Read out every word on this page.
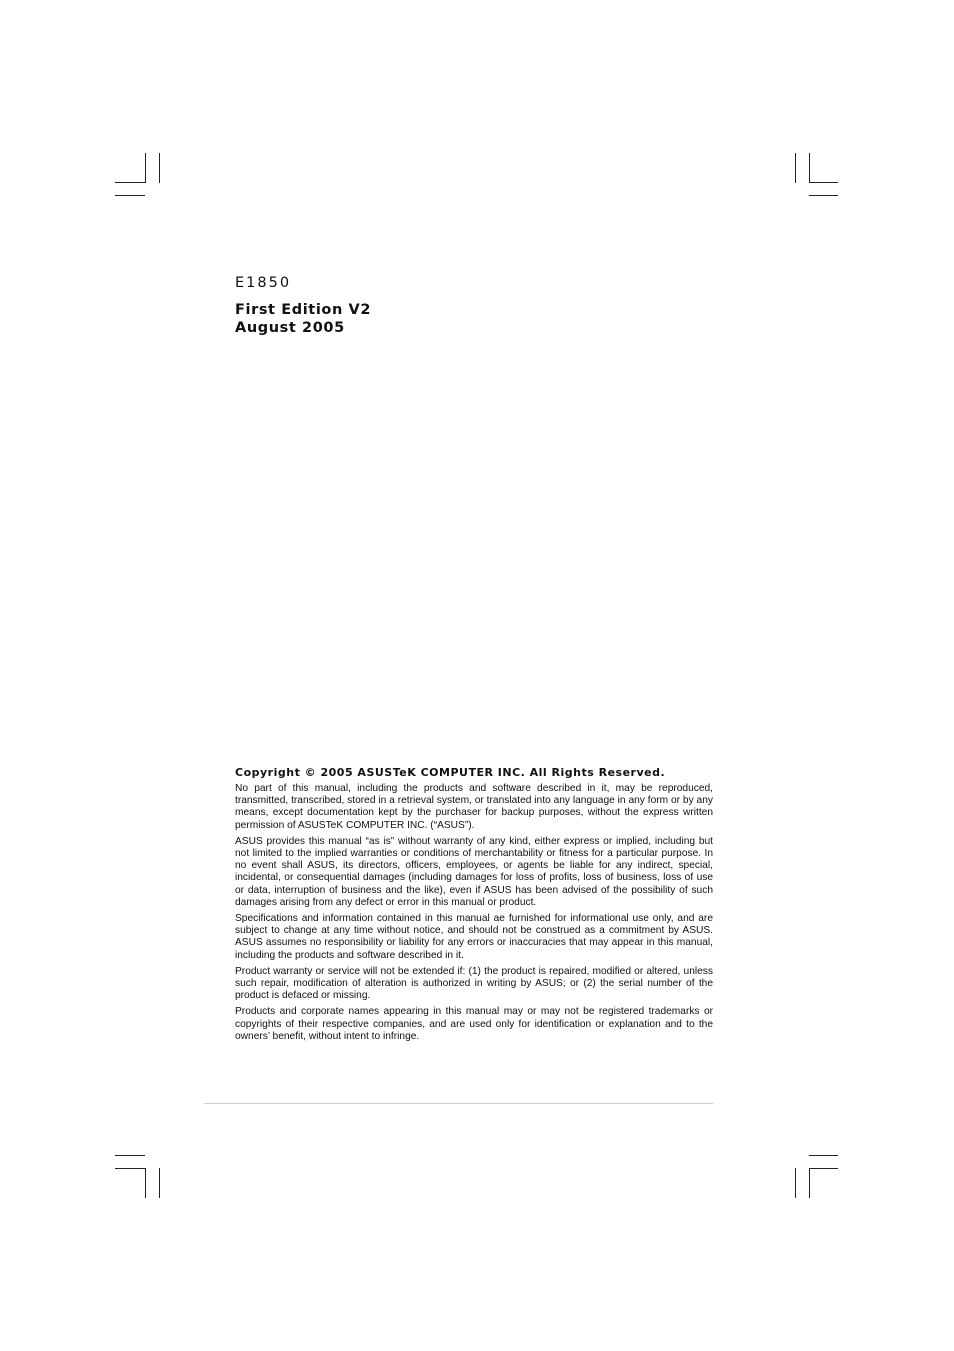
E1850

First Edition V2

August 2005

Copyright © 2005 ASUSTeK COMPUTER INC. All Rights Reserved.

No part of this manual, including the products and software described in it, may be reproduced, transmitted, transcribed, stored in a retrieval system, or translated into any language in any form or by any means, except documentation kept by the purchaser for backup purposes, without the express written permission of ASUSTeK COMPUTER INC. (“ASUS”).

ASUS provides this manual “as is” without warranty of any kind, either express or implied, including but not limited to the implied warranties or conditions of merchantability or fitness for a particular purpose. In no event shall ASUS, its directors, officers, employees, or agents be liable for any indirect, special, incidental, or consequential damages (including damages for loss of profits, loss of business, loss of use or data, interruption of business and the like), even if ASUS has been advised of the possibility of such damages arising from any defect or error in this manual or product.

Specifications and information contained in this manual ae furnished for informational use only, and are subject to change at any time without notice, and should not be construed as a commitment by ASUS. ASUS assumes no responsibility or liability for any errors or inaccuracies that may appear in this manual, including the products and software described in it.

Product warranty or service will not be extended if: (1) the product is repaired, modified or altered, unless such repair, modification of alteration is authorized in writing by ASUS; or (2) the serial number of the product is defaced or missing.

Products and corporate names appearing in this manual may or may not be registered trademarks or copyrights of their respective companies, and are used only for identification or explanation and to the owners’ benefit, without intent to infringe.
